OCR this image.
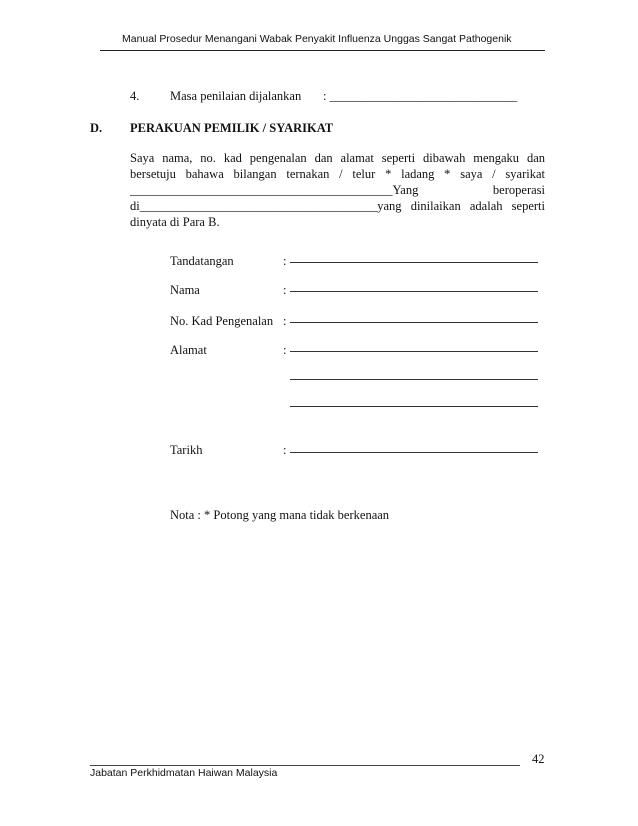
Manual Prosedur Menangani Wabak Penyakit Influenza Unggas Sangat Pathogenik
4. Masa penilaian dijalankan : ______________________________
D. PERAKUAN PEMILIK / SYARIKAT
Saya nama, no. kad pengenalan dan alamat seperti dibawah mengaku dan
bersetuju bahawa bilangan ternakan / telur * ladang * saya / syarikat
__________________________________________Yang beroperasi
di______________________________________yang dinilaikan adalah seperti
dinyata di Para B.
Tandatangan	:
Nama	:
No. Kad Pengenalan :
Alamat	:
Tarikh	:
Nota : * Potong yang mana tidak berkenaan
42
Jabatan Perkhidmatan Haiwan Malaysia
